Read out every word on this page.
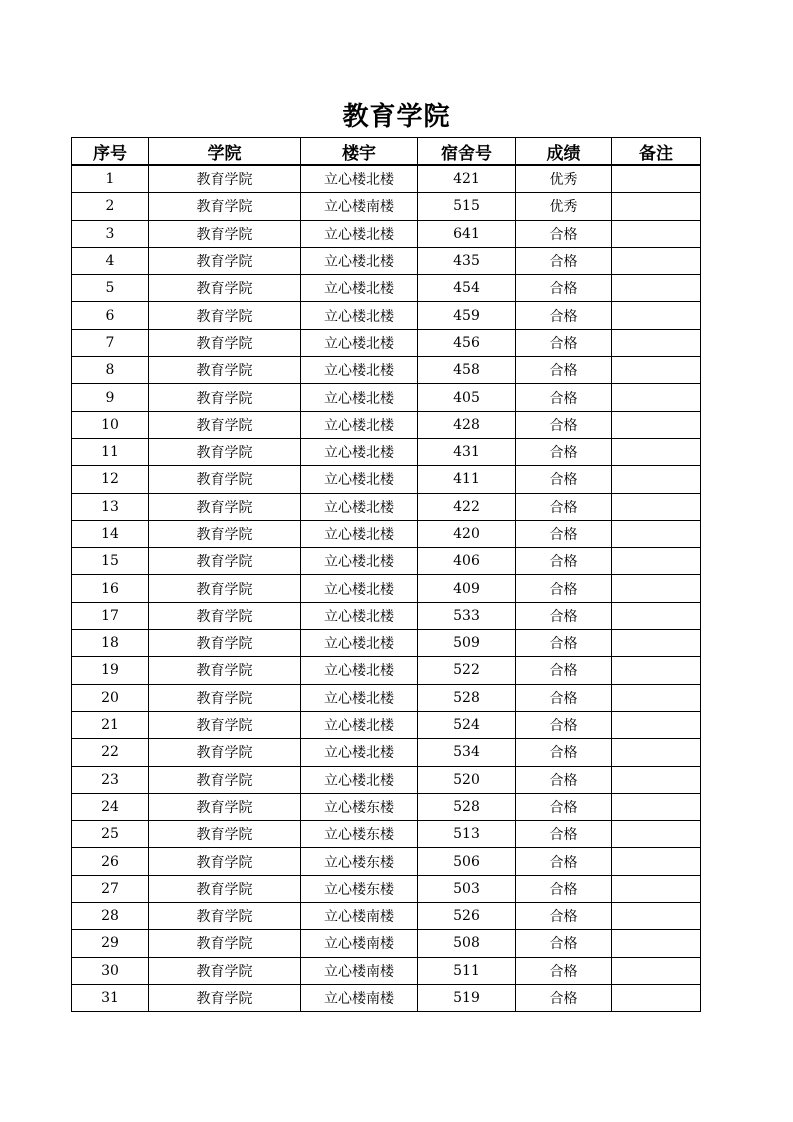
教育学院
序号	学院	楼宇	宿舍号	成绩	备注
1	教育学院	立心楼北楼	421	优秀	
2	教育学院	立心楼南楼	515	优秀	
3	教育学院	立心楼北楼	641	合格	
4	教育学院	立心楼北楼	435	合格	
5	教育学院	立心楼北楼	454	合格	
6	教育学院	立心楼北楼	459	合格	
7	教育学院	立心楼北楼	456	合格	
8	教育学院	立心楼北楼	458	合格	
9	教育学院	立心楼北楼	405	合格	
10	教育学院	立心楼北楼	428	合格	
11	教育学院	立心楼北楼	431	合格	
12	教育学院	立心楼北楼	411	合格	
13	教育学院	立心楼北楼	422	合格	
14	教育学院	立心楼北楼	420	合格	
15	教育学院	立心楼北楼	406	合格	
16	教育学院	立心楼北楼	409	合格	
17	教育学院	立心楼北楼	533	合格	
18	教育学院	立心楼北楼	509	合格	
19	教育学院	立心楼北楼	522	合格	
20	教育学院	立心楼北楼	528	合格	
21	教育学院	立心楼北楼	524	合格	
22	教育学院	立心楼北楼	534	合格	
23	教育学院	立心楼北楼	520	合格	
24	教育学院	立心楼东楼	528	合格	
25	教育学院	立心楼东楼	513	合格	
26	教育学院	立心楼东楼	506	合格	
27	教育学院	立心楼东楼	503	合格	
28	教育学院	立心楼南楼	526	合格	
29	教育学院	立心楼南楼	508	合格	
30	教育学院	立心楼南楼	511	合格	
31	教育学院	立心楼南楼	519	合格	
